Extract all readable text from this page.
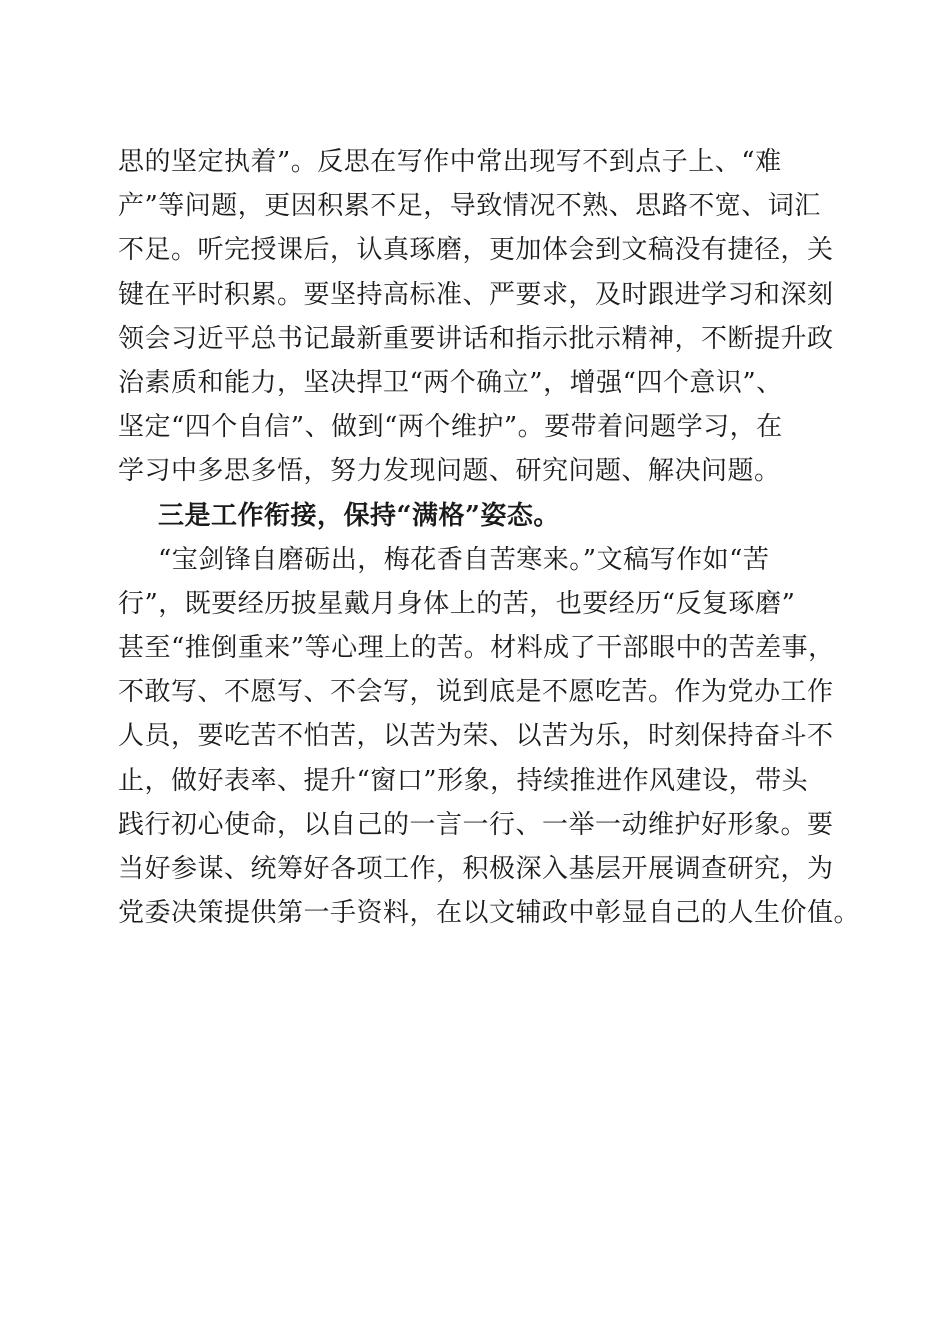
思的坚定执着”。反思在写作中常出现写不到点子上、“难
产”等问题，更因积累不足，导致情况不熟、思路不宽、词汇
不足。听完授课后，认真琢磨，更加体会到文稿没有捷径，关
键在平时积累。要坚持高标准、严要求，及时跟进学习和深刻
领会习近平总书记最新重要讲话和指示批示精神，不断提升政
治素质和能力，坚决捍卫“两个确立”，增强“四个意识”、
坚定“四个自信”、做到“两个维护”。要带着问题学习，在
学习中多思多悟，努力发现问题、研究问题、解决问题。
三是工作衔接，保持“满格”姿态。
“宝剑锋自磨砺出，梅花香自苦寒来。”文稿写作如“苦
行”，既要经历披星戴月身体上的苦，也要经历“反复琢磨”
甚至“推倒重来”等心理上的苦。材料成了干部眼中的苦差事，
不敢写、不愿写、不会写，说到底是不愿吃苦。作为党办工作
人员，要吃苦不怕苦，以苦为荣、以苦为乐，时刻保持奋斗不
止，做好表率、提升“窗口”形象，持续推进作风建设，带头
践行初心使命，以自己的一言一行、一举一动维护好形象。要
当好参谋、统筹好各项工作，积极深入基层开展调查研究，为
党委决策提供第一手资料，在以文辅政中彰显自己的人生价值。
